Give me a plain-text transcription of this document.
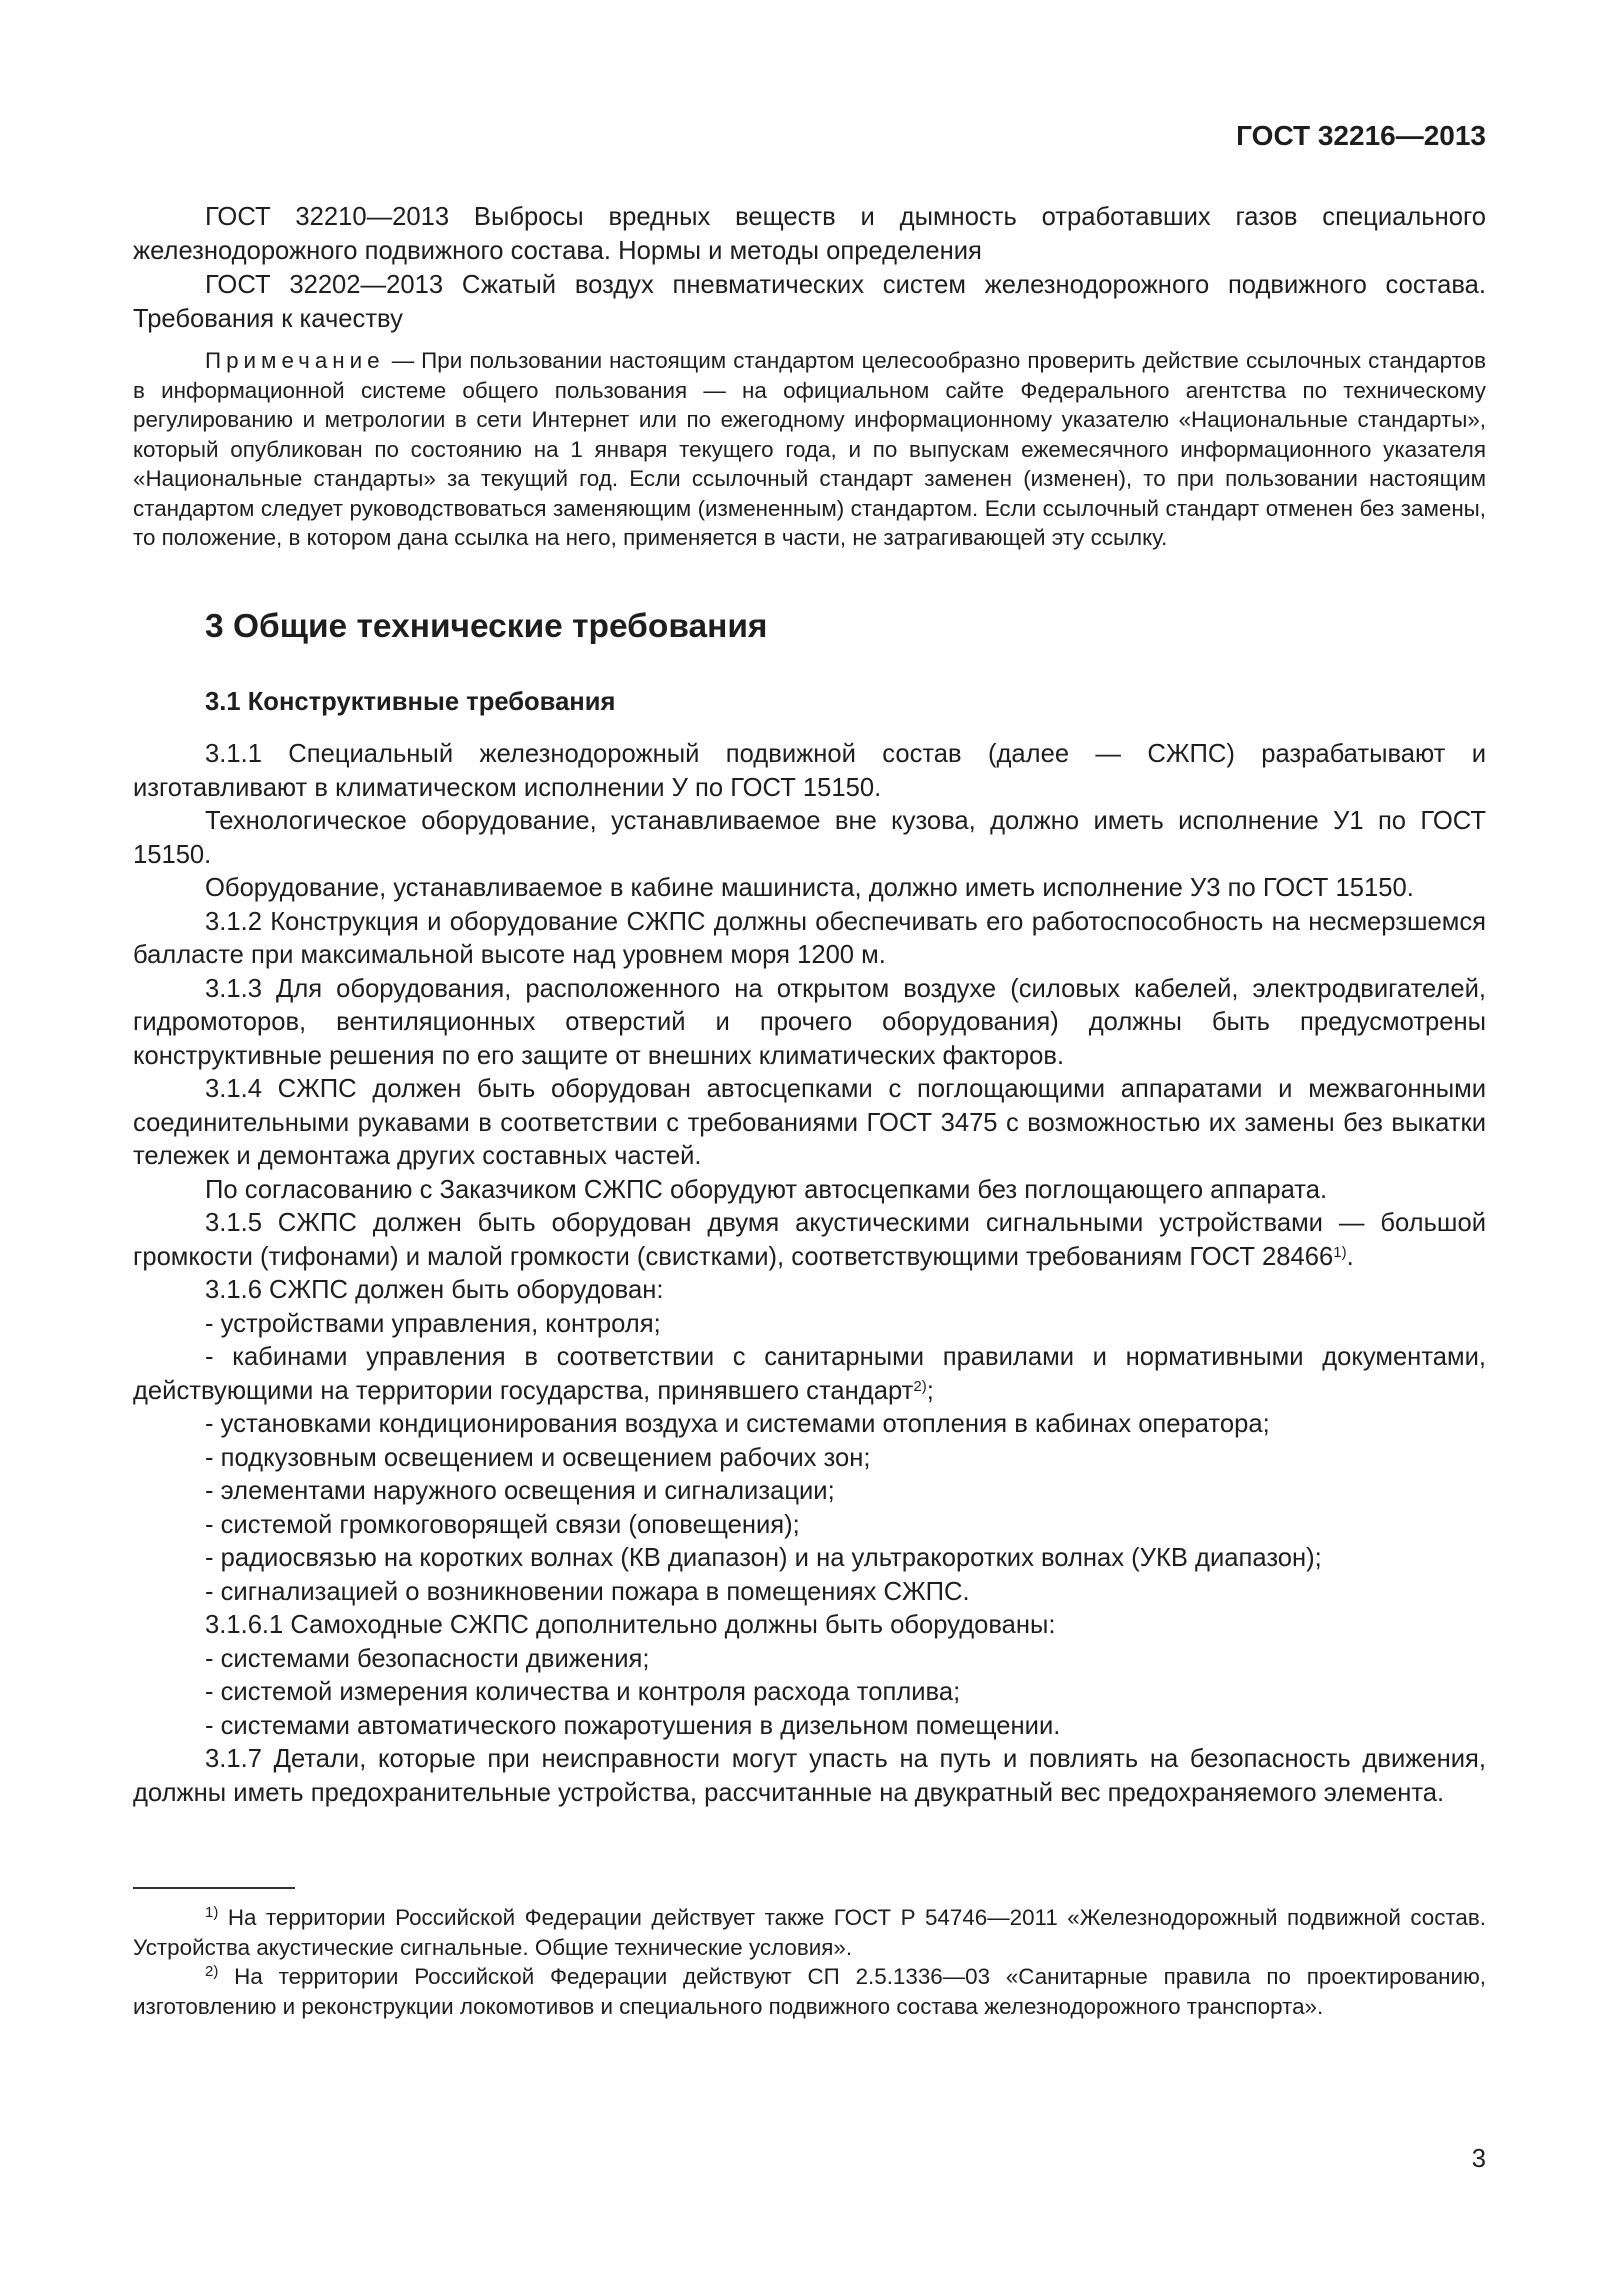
ГОСТ 32216—2013

ГОСТ 32210—2013 Выбросы вредных веществ и дымность отработавших газов специального железнодорожного подвижного состава. Нормы и методы определения

ГОСТ 32202—2013 Сжатый воздух пневматических систем железнодорожного подвижного состава. Требования к качеству

Примечание — При пользовании настоящим стандартом целесообразно проверить действие ссылочных стандартов в информационной системе общего пользования — на официальном сайте Федерального агентства по техническому регулированию и метрологии в сети Интернет или по ежегодному информационному указателю «Национальные стандарты», который опубликован по состоянию на 1 января текущего года, и по выпускам ежемесячного информационного указателя «Национальные стандарты» за текущий год. Если ссылочный стандарт заменен (изменен), то при пользовании настоящим стандартом следует руководствоваться заменяющим (измененным) стандартом. Если ссылочный стандарт отменен без замены, то положение, в котором дана ссылка на него, применяется в части, не затрагивающей эту ссылку.

3 Общие технические требования
3.1 Конструктивные требования

3.1.1 Специальный железнодорожный подвижной состав (далее — СЖПС) разрабатывают и изготавливают в климатическом исполнении У по ГОСТ 15150.

Технологическое оборудование, устанавливаемое вне кузова, должно иметь исполнение У1 по ГОСТ 15150.

Оборудование, устанавливаемое в кабине машиниста, должно иметь исполнение У3 по ГОСТ 15150.

3.1.2 Конструкция и оборудование СЖПС должны обеспечивать его работоспособность на несмерзшемся балласте при максимальной высоте над уровнем моря 1200 м.

3.1.3 Для оборудования, расположенного на открытом воздухе (силовых кабелей, электродвигателей, гидромоторов, вентиляционных отверстий и прочего оборудования) должны быть предусмотрены конструктивные решения по его защите от внешних климатических факторов.

3.1.4 СЖПС должен быть оборудован автосцепками с поглощающими аппаратами и межвагонными соединительными рукавами в соответствии с требованиями ГОСТ 3475 с возможностью их замены без выкатки тележек и демонтажа других составных частей.

По согласованию с Заказчиком СЖПС оборудуют автосцепками без поглощающего аппарата.

3.1.5 СЖПС должен быть оборудован двумя акустическими сигнальными устройствами — большой громкости (тифонами) и малой громкости (свистками), соответствующими требованиям ГОСТ 28466$^{1)}$.

3.1.6 СЖПС должен быть оборудован:

- устройствами управления, контроля;

- кабинами управления в соответствии с санитарными правилами и нормативными документами, действующими на территории государства, принявшего стандарт$^{2)}$;

- установками кондиционирования воздуха и системами отопления в кабинах оператора;

- подкузовным освещением и освещением рабочих зон;

- элементами наружного освещения и сигнализации;

- системой громкоговорящей связи (оповещения);

- радиосвязью на коротких волнах (КВ диапазон) и на ультракоротких волнах (УКВ диапазон);

- сигнализацией о возникновении пожара в помещениях СЖПС.

3.1.6.1 Самоходные СЖПС дополнительно должны быть оборудованы:

- системами безопасности движения;

- системой измерения количества и контроля расхода топлива;

- системами автоматического пожаротушения в дизельном помещении.

3.1.7 Детали, которые при неисправности могут упасть на путь и повлиять на безопасность движения, должны иметь предохранительные устройства, рассчитанные на двукратный вес предохраняемого элемента.

$^{1)}$ На территории Российской Федерации действует также ГОСТ Р 54746—2011 «Железнодорожный подвижной состав. Устройства акустические сигнальные. Общие технические условия».

$^{2)}$ На территории Российской Федерации действуют СП 2.5.1336—03 «Санитарные правила по проектированию, изготовлению и реконструкции локомотивов и специального подвижного состава железнодорожного транспорта».

3
